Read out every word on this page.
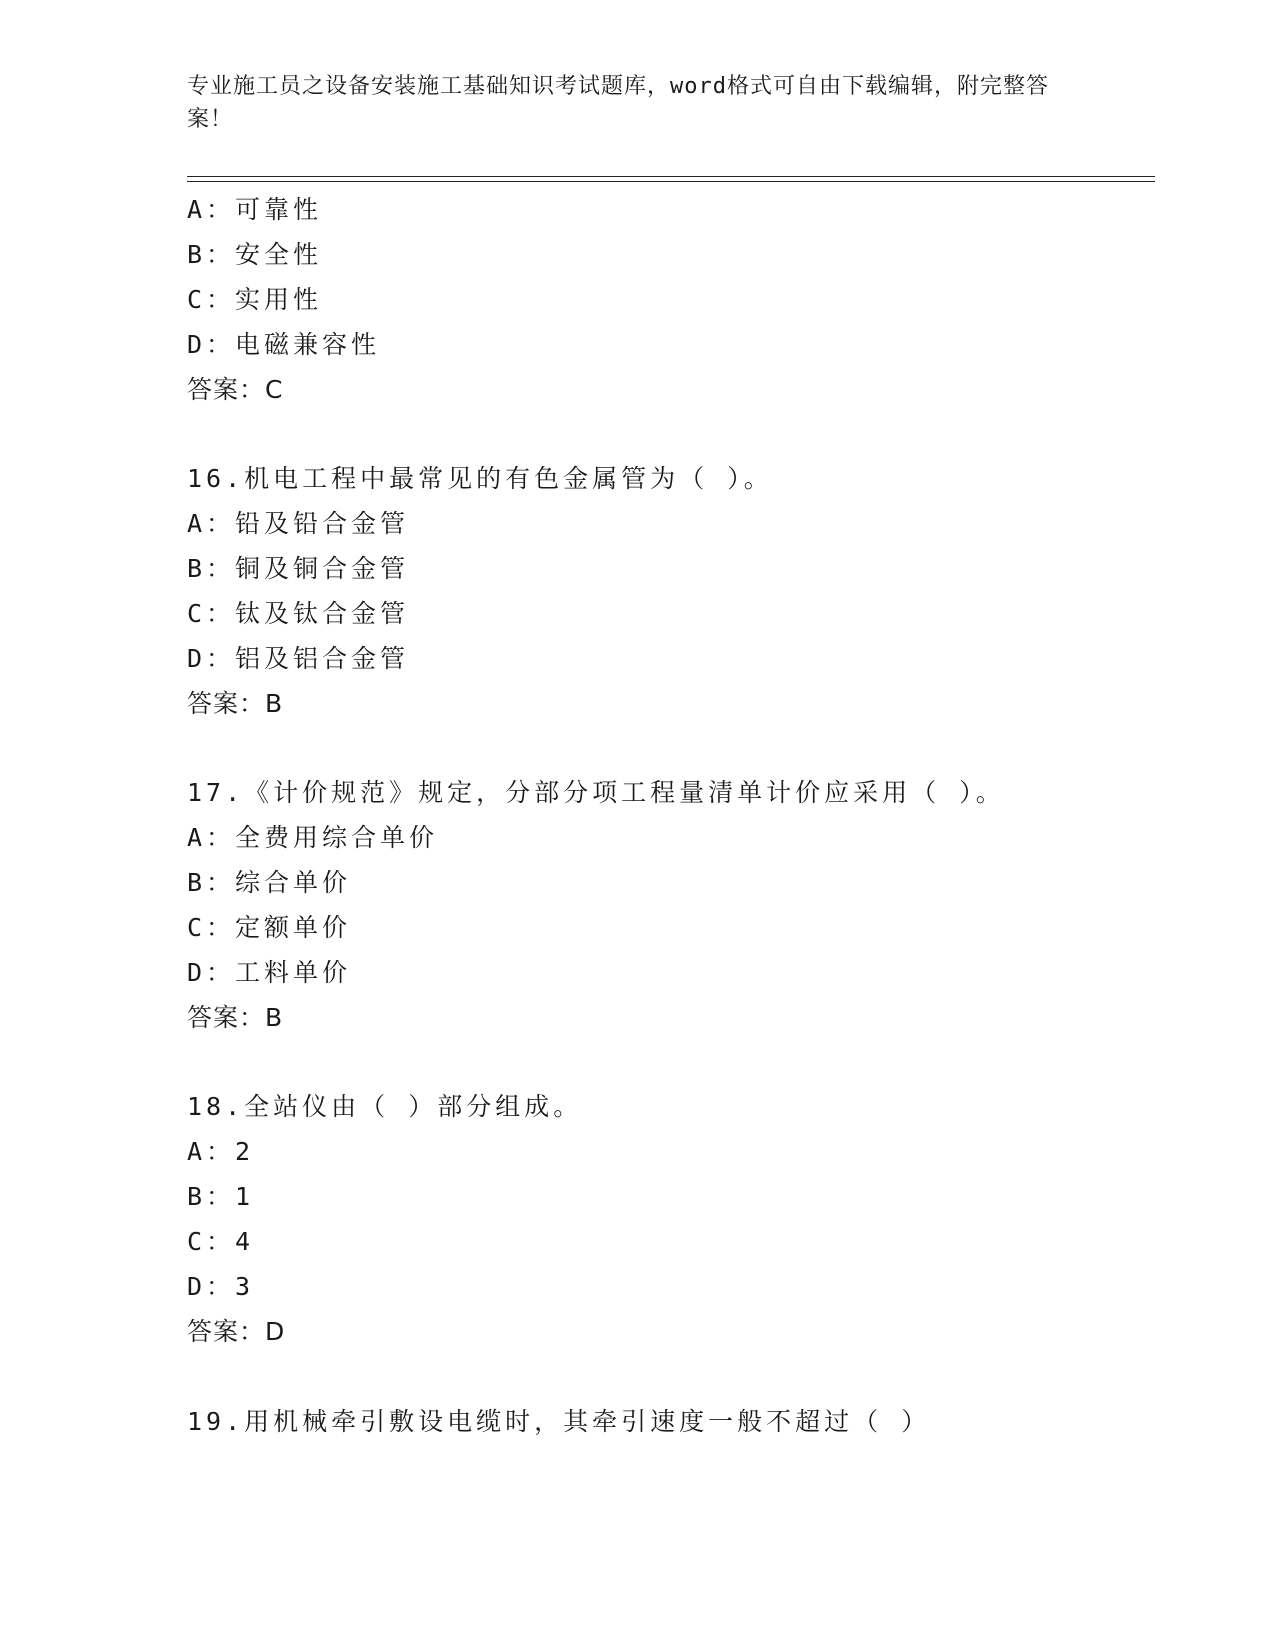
专业施工员之设备安装施工基础知识考试题库，word格式可自由下载编辑，附完整答案！
A：可靠性
B：安全性
C：实用性
D：电磁兼容性
答案：C
16.机电工程中最常见的有色金属管为（ ）。
A：铅及铅合金管
B：铜及铜合金管
C：钛及钛合金管
D：铝及铝合金管
答案：B
17.《计价规范》规定，分部分项工程量清单计价应采用（ ）。
A：全费用综合单价
B：综合单价
C：定额单价
D：工料单价
答案：B
18.全站仪由（ ）部分组成。
A：2
B：1
C：4
D：3
答案：D
19.用机械牵引敷设电缆时，其牵引速度一般不超过（ ）
